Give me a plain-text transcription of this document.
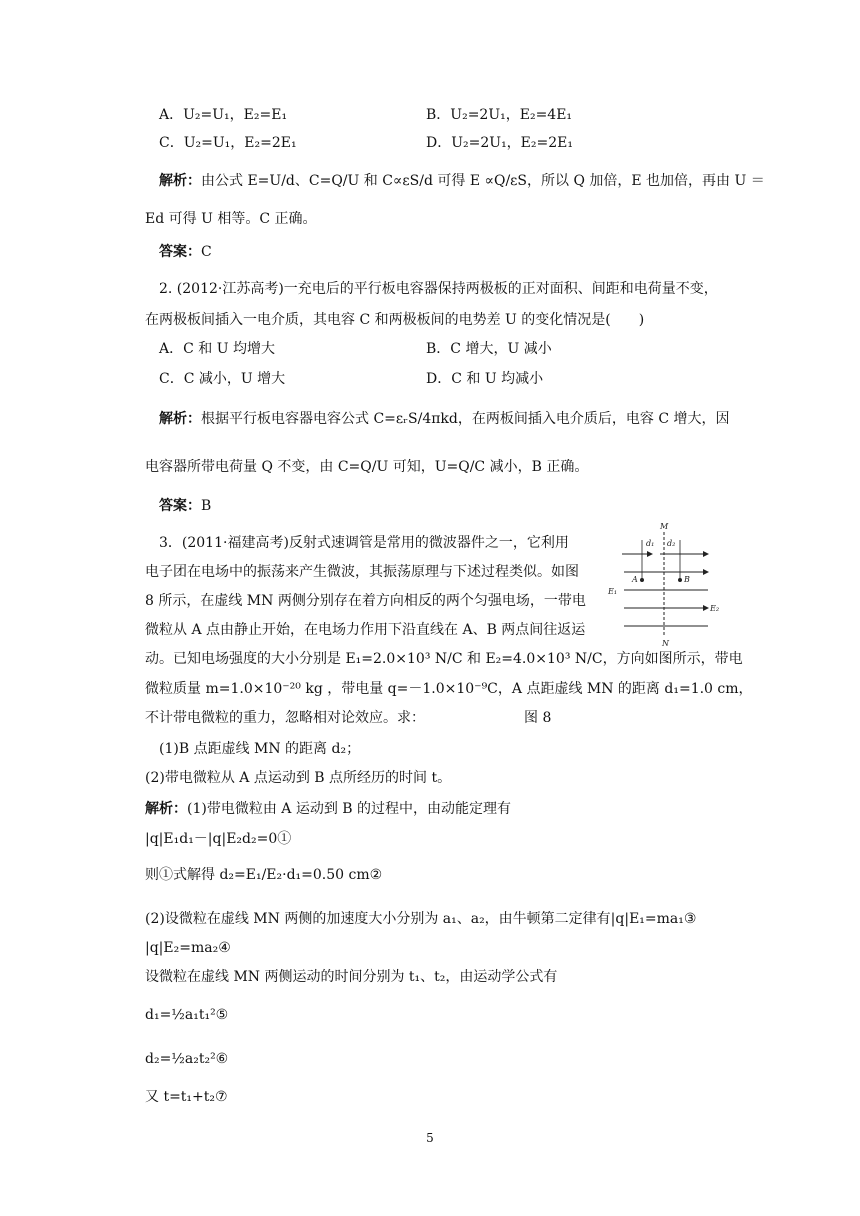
A．U₂=U₁，E₂=E₁	B．U₂=2U₁，E₂=4E₁
C．U₂=U₁，E₂=2E₁	D．U₂=2U₁，E₂=2E₁
解析：由公式 E=U/d、C=Q/U 和 C∝εS/d 可得 E ∝Q/εS，所以 Q 加倍，E 也加倍，再由 U ＝
Ed 可得 U 相等。C 正确。
答案：C
2. (2012·江苏高考)一充电后的平行板电容器保持两极板的正对面积、间距和电荷量不变，
在两极板间插入一电介质，其电容 C 和两极板间的电势差 U 的变化情况是(　　)
A．C 和 U 均增大	B．C 增大，U 减小
C．C 减小，U 增大	D．C 和 U 均减小
解析：根据平行板电容器电容公式 C=εᵣS/4πkd，在两板间插入电介质后，电容 C 增大，因
电容器所带电荷量 Q 不变，由 C=Q/U 可知，U=Q/C 减小，B 正确。
答案：B
3．(2011·福建高考)反射式速调管是常用的微波器件之一，它利用
电子团在电场中的振荡来产生微波，其振荡原理与下述过程类似。如图
8 所示，在虚线 MN 两侧分别存在着方向相反的两个匀强电场，一带电
微粒从 A 点由静止开始，在电场力作用下沿直线在 A、B 两点间往返运
动。已知电场强度的大小分别是 E₁=2.0×10³ N/C 和 E₂=4.0×10³ N/C，方向如图所示，带电
微粒质量 m=1.0×10⁻²⁰ kg ，带电量 q=－1.0×10⁻⁹C，A 点距虚线 MN 的距离 d₁=1.0 cm，
不计带电微粒的重力，忽略相对论效应。求：	图 8
M
N
d₁ d₂
A	B
E₁
E₂
(1)B 点距虚线 MN 的距离 d₂；
(2)带电微粒从 A 点运动到 B 点所经历的时间 t。
解析：(1)带电微粒由 A 运动到 B 的过程中，由动能定理有
|q|E₁d₁－|q|E₂d₂=0①
则①式解得 d₂=E₁/E₂·d₁=0.50 cm②
(2)设微粒在虚线 MN 两侧的加速度大小分别为 a₁、a₂，由牛顿第二定律有|q|E₁=ma₁③
|q|E₂=ma₂④
设微粒在虚线 MN 两侧运动的时间分别为 t₁、t₂，由运动学公式有
d₁=½a₁t₁²⑤
d₂=½a₂t₂²⑥
又 t=t₁+t₂⑦
5
